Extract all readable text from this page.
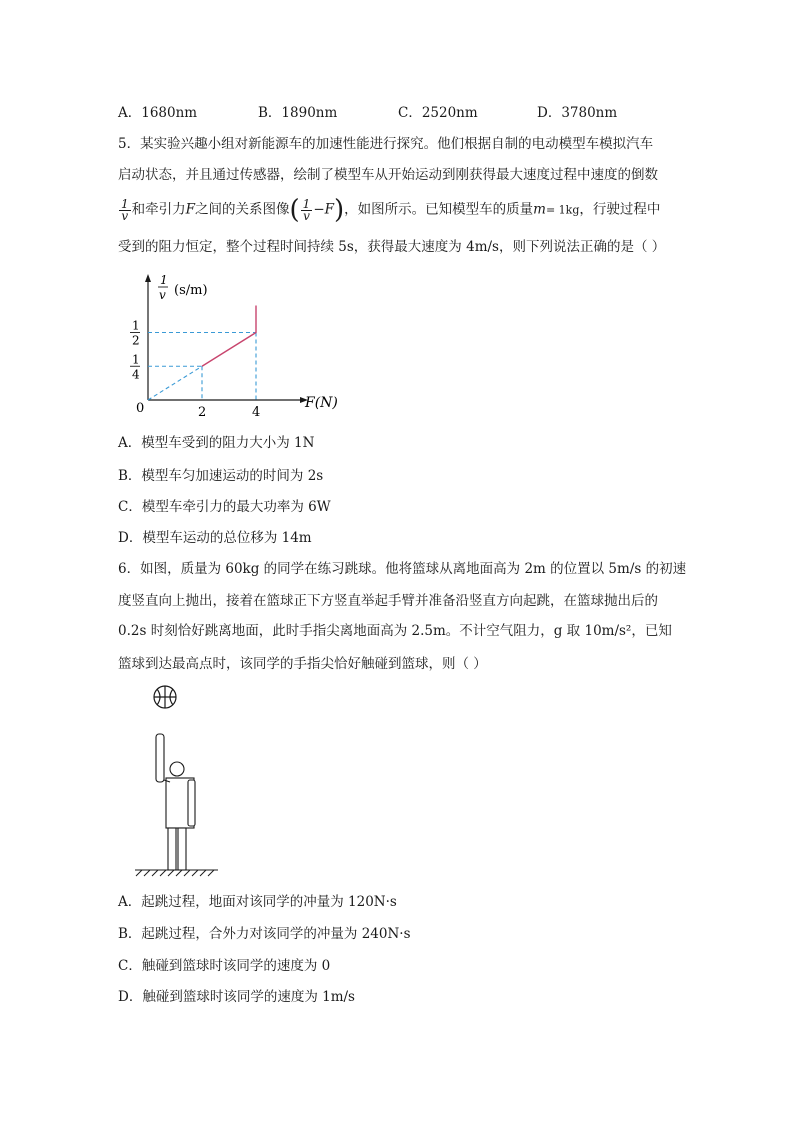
A．1680nm	B．1890nm	C．2520nm	D．3780nm
5．某实验兴趣小组对新能源车的加速性能进行探究。他们根据自制的电动模型车模拟汽车
启动状态，并且通过传感器，绘制了模型车从开始运动到刚获得最大速度过程中速度的倒数
$\frac{1}{v}$ 和牵引力F之间的关系图像( $\frac{1}{v} -F$)，如图所示。已知模型车的质量m= 1kg，行驶过程中
受到的阻力恒定，整个过程时间持续 5s，获得最大速度为 4m/s，则下列说法正确的是（ ）
2	4
1
4
1
2
0	F(N)
1
v (s/m)
A．模型车受到的阻力大小为 1N
B．模型车匀加速运动的时间为 2s
C．模型车牵引力的最大功率为 6W
D．模型车运动的总位移为 14m
6．如图，质量为 60kg 的同学在练习跳球。他将篮球从离地面高为 2m 的位置以 5m/s 的初速
度竖直向上抛出，接着在篮球正下方竖直举起手臂并准备沿竖直方向起跳，在篮球抛出后的
0.2s 时刻恰好跳离地面，此时手指尖离地面高为 2.5m。不计空气阻力，g 取 10m/s²，已知
篮球到达最高点时，该同学的手指尖恰好触碰到篮球，则（ ）
A．起跳过程，地面对该同学的冲量为 120N·s
B．起跳过程，合外力对该同学的冲量为 240N·s
C．触碰到篮球时该同学的速度为 0
D．触碰到篮球时该同学的速度为 1m/s
